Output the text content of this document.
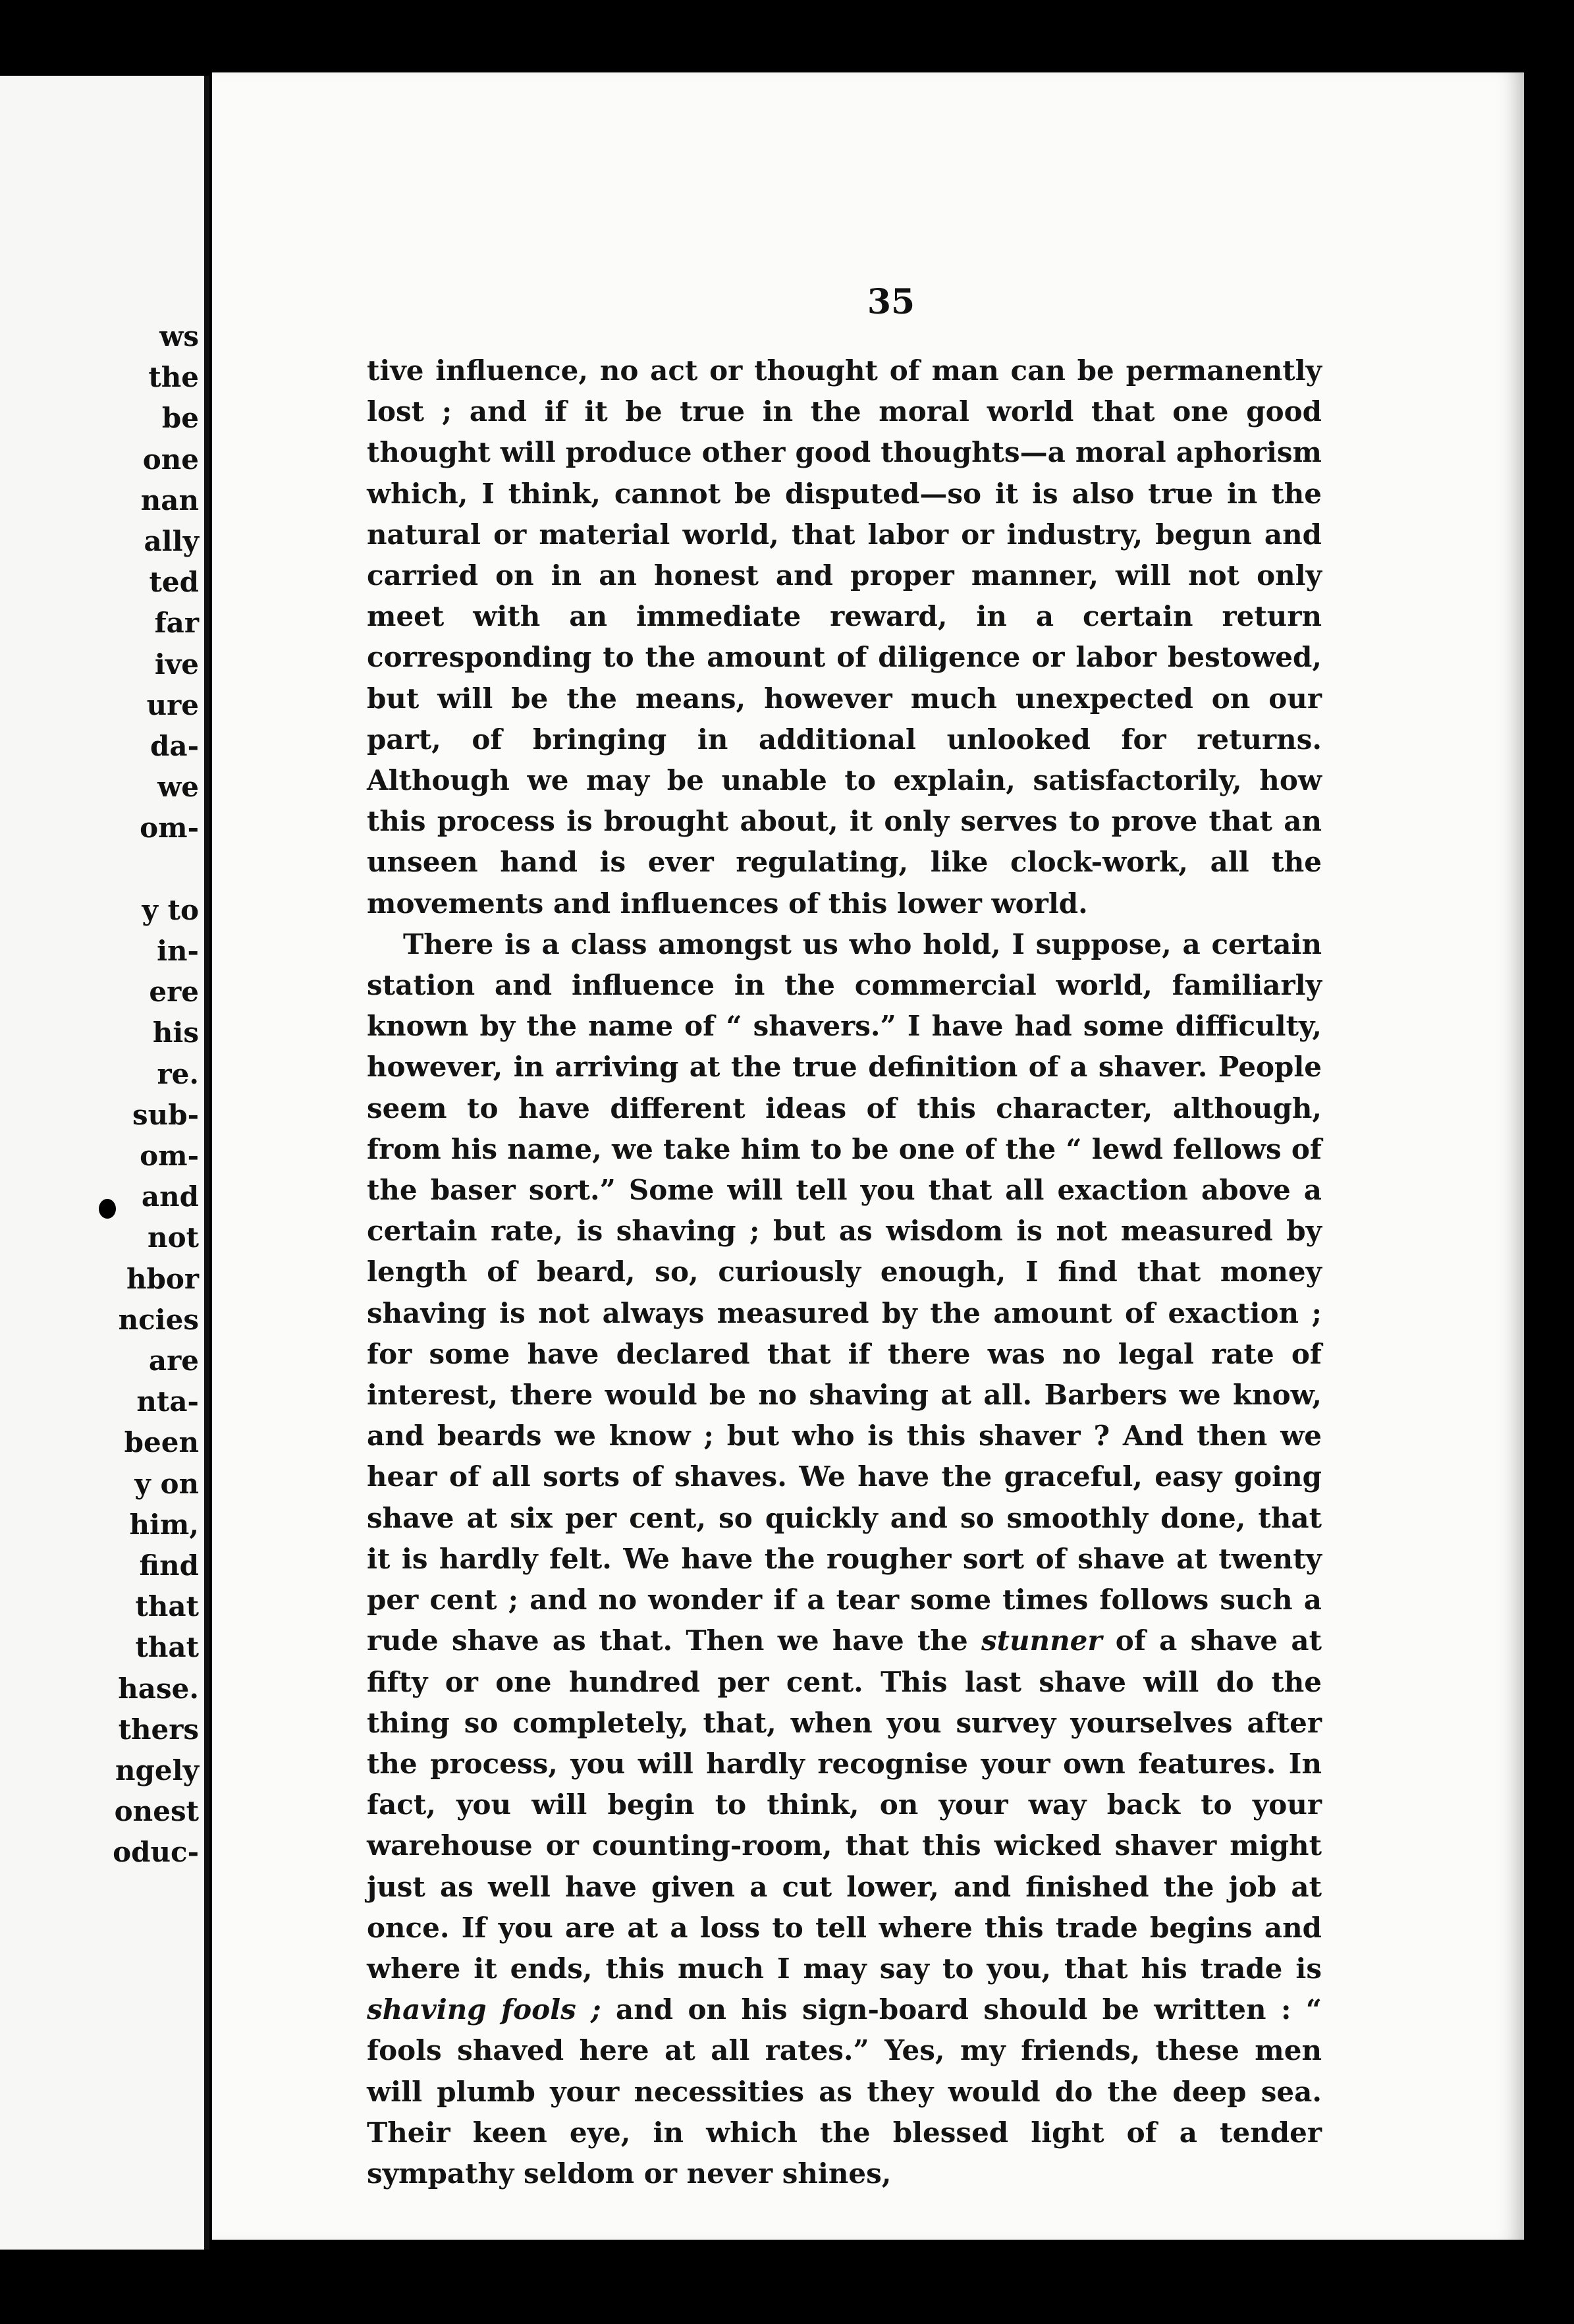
ws
the
be
one
nan
ally
ted
far
ive
ure
da-
we
om-
y to
in-
ere
his
re.
sub-
om-
and
not
hbor
ncies
are
nta-
been
y on
him,
find
that
that
hase.
thers
ngely
onest
oduc-
35

tive influence, no act or thought of man can be permanently lost ; and if it be true in the moral world that one good thought will produce other good thoughts—a moral aphorism which, I think, cannot be disputed—so it is also true in the natural or material world, that labor or industry, begun and carried on in an honest and proper manner, will not only meet with an immediate reward, in a certain return corresponding to the amount of diligence or labor bestowed, but will be the means, however much unexpected on our part, of bringing in additional unlooked for returns. Although we may be unable to explain, satisfactorily, how this process is brought about, it only serves to prove that an unseen hand is ever regulating, like clock-work, all the movements and influences of this lower world.

There is a class amongst us who hold, I suppose, a certain station and influence in the commercial world, familiarly known by the name of “ shavers.” I have had some difficulty, however, in arriving at the true definition of a shaver. People seem to have different ideas of this character, although, from his name, we take him to be one of the “ lewd fellows of the baser sort.” Some will tell you that all exaction above a certain rate, is shaving ; but as wisdom is not measured by length of beard, so, curiously enough, I find that money shaving is not always measured by the amount of exaction ; for some have declared that if there was no legal rate of interest, there would be no shaving at all. Barbers we know, and beards we know ; but who is this shaver ? And then we hear of all sorts of shaves. We have the graceful, easy going shave at six per cent, so quickly and so smoothly done, that it is hardly felt. We have the rougher sort of shave at twenty per cent ; and no wonder if a tear some times follows such a rude shave as that. Then we have the stunner of a shave at fifty or one hundred per cent. This last shave will do the thing so completely, that, when you survey yourselves after the process, you will hardly recognise your own features. In fact, you will begin to think, on your way back to your warehouse or counting-room, that this wicked shaver might just as well have given a cut lower, and finished the job at once. If you are at a loss to tell where this trade begins and where it ends, this much I may say to you, that his trade is shaving fools ; and on his sign-board should be written : “ fools shaved here at all rates.” Yes, my friends, these men will plumb your necessities as they would do the deep sea. Their keen eye, in which the blessed light of a tender sympathy seldom or never shines,
